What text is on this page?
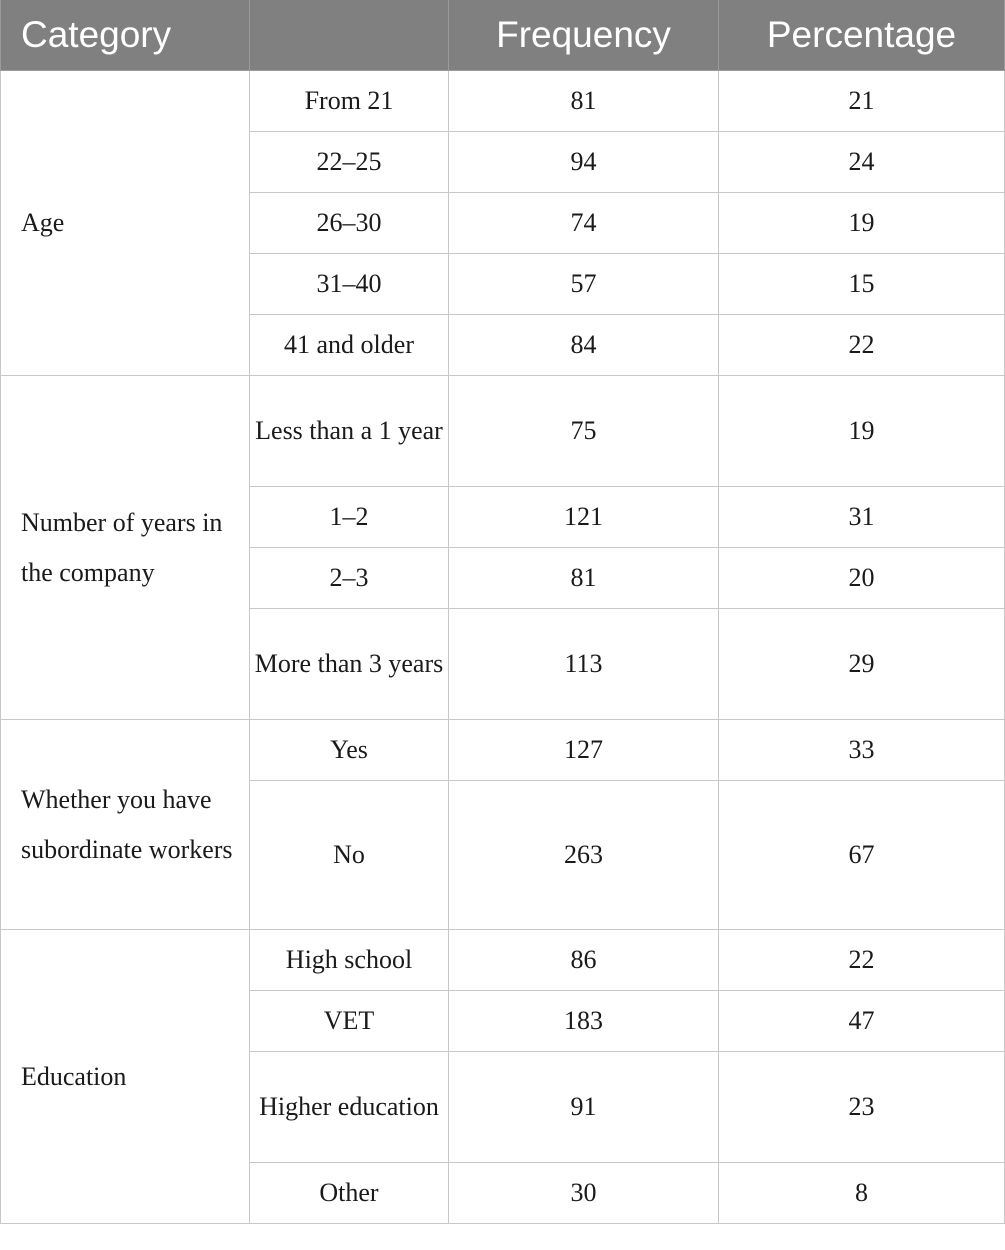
Category		Frequency	Percentage
Age	From 21	81	21
	22–25	94	24
	26–30	74	19
	31–40	57	15
	41 and older	84	22
Number of years in the company	Less than a 1 year	75	19
	1–2	121	31
	2–3	81	20
	More than 3 years	113	29
Whether you have subordinate workers	Yes	127	33
	No	263	67
Education	High school	86	22
	VET	183	47
	Higher education	91	23
	Other	30	8
